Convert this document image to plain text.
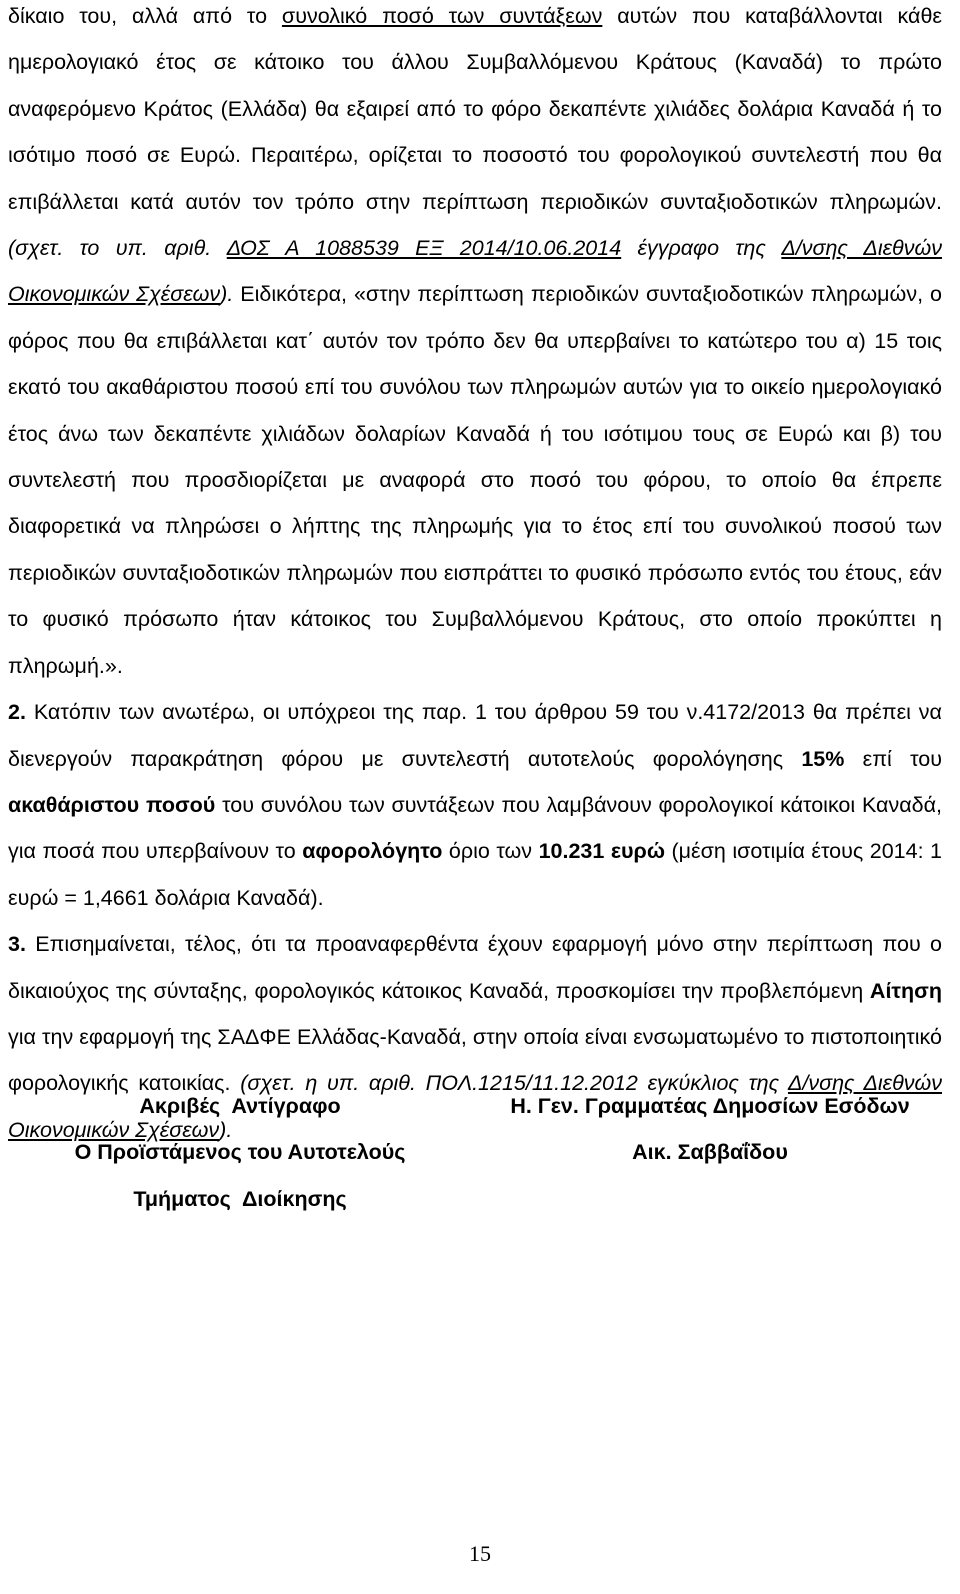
δίκαιο του, αλλά από το συνολικό ποσό των συντάξεων αυτών που καταβάλλονται κάθε ημερολογιακό έτος σε κάτοικο του άλλου Συμβαλλόμενου Κράτους (Καναδά) το πρώτο αναφερόμενο Κράτος (Ελλάδα) θα εξαιρεί από το φόρο δεκαπέντε χιλιάδες δολάρια Καναδά ή το ισότιμο ποσό σε Ευρώ. Περαιτέρω, ορίζεται το ποσοστό του φορολογικού συντελεστή που θα επιβάλλεται κατά αυτόν τον τρόπο στην περίπτωση περιοδικών συνταξιοδοτικών πληρωμών. (σχετ. το υπ. αριθ. ΔΟΣ Α 1088539 ΕΞ 2014/10.06.2014 έγγραφο της Δ/νσης Διεθνών Οικονομικών Σχέσεων). Ειδικότερα, «στην περίπτωση περιοδικών συνταξιοδοτικών πληρωμών, ο φόρος που θα επιβάλλεται κατ΄ αυτόν τον τρόπο δεν θα υπερβαίνει το κατώτερο του α) 15 τοις εκατό του ακαθάριστου ποσού επί του συνόλου των πληρωμών αυτών για το οικείο ημερολογιακό έτος άνω των δεκαπέντε χιλιάδων δολαρίων Καναδά ή του ισότιμου τους σε Ευρώ και β) του συντελεστή που προσδιορίζεται με αναφορά στο ποσό του φόρου, το οποίο θα έπρεπε διαφορετικά να πληρώσει ο λήπτης της πληρωμής για το έτος επί του συνολικού ποσού των περιοδικών συνταξιοδοτικών πληρωμών που εισπράττει το φυσικό πρόσωπο εντός του έτους, εάν το φυσικό πρόσωπο ήταν κάτοικος του Συμβαλλόμενου Κράτους, στο οποίο προκύπτει η πληρωμή.».

2. Κατόπιν των ανωτέρω, οι υπόχρεοι της παρ. 1 του άρθρου 59 του ν.4172/2013 θα πρέπει να διενεργούν παρακράτηση φόρου με συντελεστή αυτοτελούς φορολόγησης 15% επί του ακαθάριστου ποσού του συνόλου των συντάξεων που λαμβάνουν φορολογικοί κάτοικοι Καναδά, για ποσά που υπερβαίνουν το αφορολόγητο όριο των 10.231 ευρώ (μέση ισοτιμία έτους 2014: 1 ευρώ = 1,4661 δολάρια Καναδά).

3. Επισημαίνεται, τέλος, ότι τα προαναφερθέντα έχουν εφαρμογή μόνο στην περίπτωση που ο δικαιούχος της σύνταξης, φορολογικός κάτοικος Καναδά, προσκομίσει την προβλεπόμενη Αίτηση για την εφαρμογή της ΣΑΔΦΕ Ελλάδας-Καναδά, στην οποία είναι ενσωματωμένο το πιστοποιητικό φορολογικής κατοικίας. (σχετ. η υπ. αριθ. ΠΟΛ.1215/11.12.2012 εγκύκλιος της Δ/νσης Διεθνών Οικονομικών Σχέσεων).

Ακριβές  Αντίγραφο
Ο Προϊστάμενος του Αυτοτελούς
Τμήματος  Διοίκησης
Η. Γεν. Γραμματέας Δημοσίων Εσόδων
Αικ. Σαββαΐδου
15
